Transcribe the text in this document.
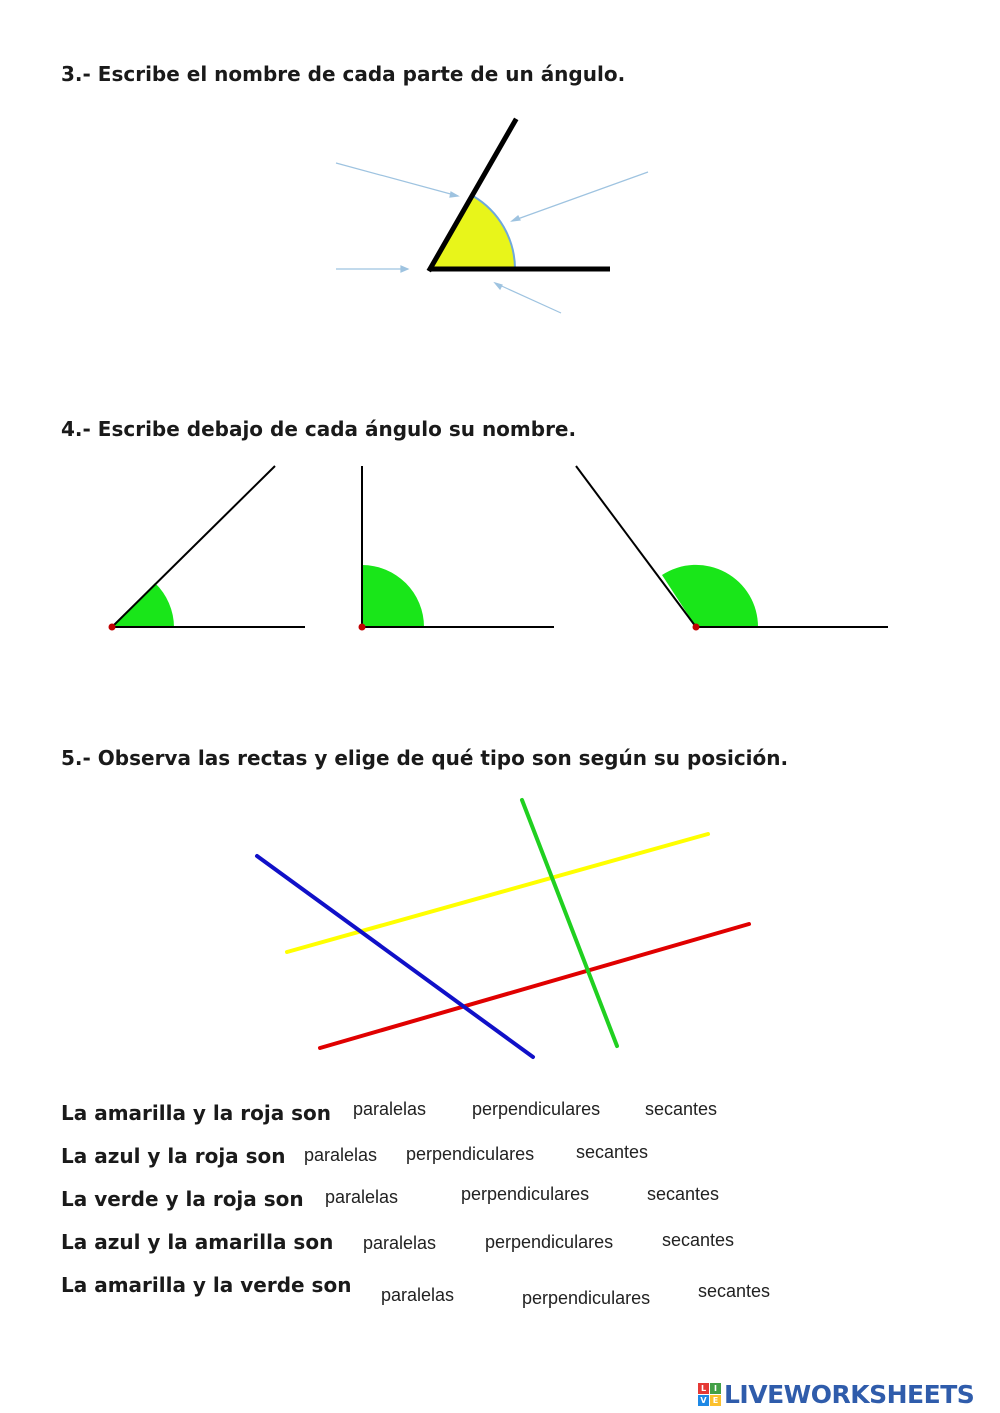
3.- Escribe el nombre de cada parte de un ángulo.
4.- Escribe debajo de cada ángulo su nombre.
5.- Observa las rectas y elige de qué tipo son según su posición.
La amarilla y la roja son paralelas	perpendiculares secantes
La azul y la roja son paralelas perpendiculares secantes
La verde y la roja son paralelas	perpendiculares	secantes
La azul y la amarilla son paralelas	perpendiculares	secantes
La amarilla y la verde son paralelas	perpendiculares	secantes
L I
V E LIVEWORKSHEETS
